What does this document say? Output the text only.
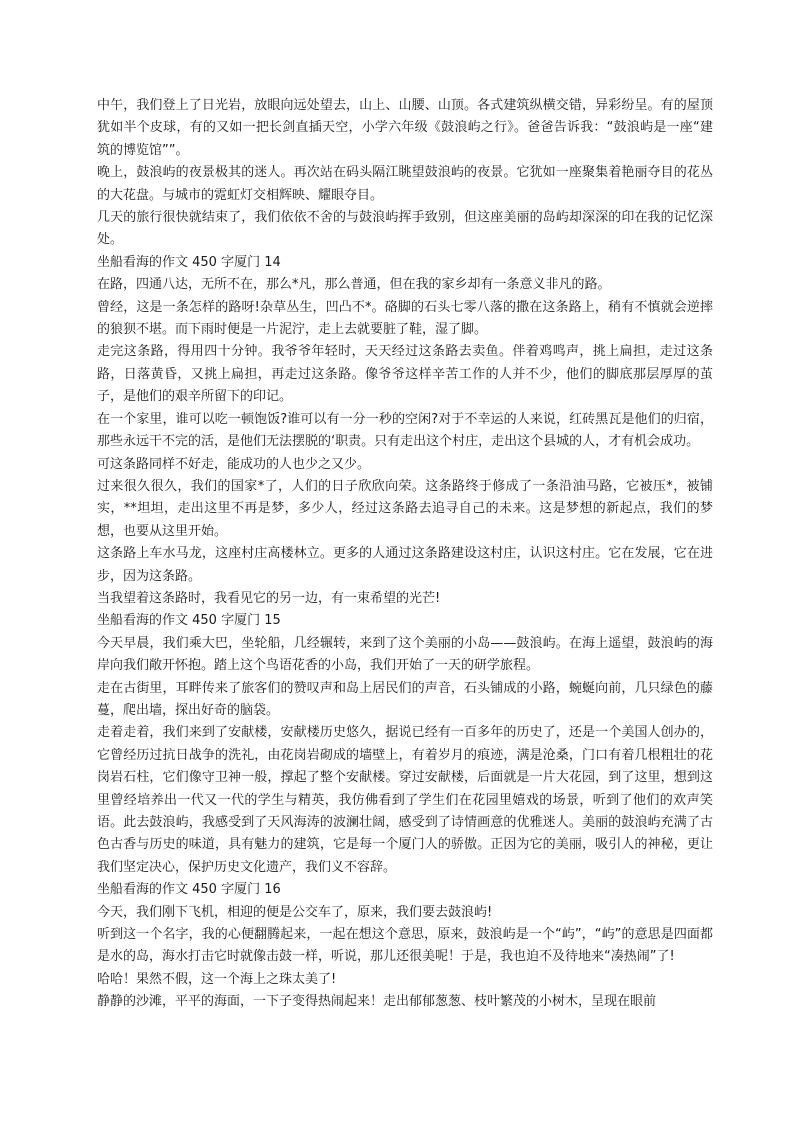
中午，我们登上了日光岩，放眼向远处望去，山上、山腰、山顶。各式建筑纵横交错，异彩纷呈。有的屋顶犹如半个皮球，有的又如一把长剑直插天空，小学六年级《鼓浪屿之行》。爸爸告诉我：“鼓浪屿是一座“建筑的博览馆””。

晚上，鼓浪屿的夜景极其的迷人。再次站在码头隔江眺望鼓浪屿的夜景。它犹如一座聚集着艳丽夺目的花丛的大花盘。与城市的霓虹灯交相辉映、耀眼夺目。

几天的旅行很快就结束了，我们依依不舍的与鼓浪屿挥手致别，但这座美丽的岛屿却深深的印在我的记忆深处。

坐船看海的作文 450 字厦门 14

在路，四通八达，无所不在，那么*凡，那么普通，但在我的家乡却有一条意义非凡的路。

曾经，这是一条怎样的路呀!杂草丛生，凹凸不*。硌脚的石头七零八落的撒在这条路上，稍有不慎就会逆摔的狼狈不堪。而下雨时便是一片泥泞，走上去就要脏了鞋，湿了脚。

走完这条路，得用四十分钟。我爷爷年轻时，天天经过这条路去卖鱼。伴着鸡鸣声，挑上扁担，走过这条路，日落黄昏，又挑上扁担，再走过这条路。像爷爷这样辛苦工作的人并不少，他们的脚底那层厚厚的茧子，是他们的艰辛所留下的印记。

在一个家里，谁可以吃一顿饱饭?谁可以有一分一秒的空闲?对于不幸运的人来说，红砖黑瓦是他们的归宿，那些永远干不完的活，是他们无法摆脱的‘职责。只有走出这个村庄，走出这个县城的人，才有机会成功。

可这条路同样不好走，能成功的人也少之又少。

过来很久很久，我们的国家*了，人们的日子欣欣向荣。这条路终于修成了一条沿油马路，它被压*，被铺实，**坦坦，走出这里不再是梦，多少人，经过这条路去追寻自己的未来。这是梦想的新起点，我们的梦想，也要从这里开始。

这条路上车水马龙，这座村庄高楼林立。更多的人通过这条路建设这村庄，认识这村庄。它在发展，它在进步，因为这条路。

当我望着这条路时，我看见它的另一边，有一束希望的光芒!

坐船看海的作文 450 字厦门 15

今天早晨，我们乘大巴，坐轮船，几经辗转，来到了这个美丽的小岛——鼓浪屿。在海上遥望，鼓浪屿的海岸向我们敞开怀抱。踏上这个鸟语花香的小岛，我们开始了一天的研学旅程。

走在古街里，耳畔传来了旅客们的赞叹声和岛上居民们的声音，石头铺成的小路，蜿蜒向前，几只绿色的藤蔓，爬出墙，探出好奇的脑袋。

走着走着，我们来到了安献楼，安献楼历史悠久，据说已经有一百多年的历史了，还是一个美国人创办的，它曾经历过抗日战争的洗礼，由花岗岩砌成的墙壁上，有着岁月的痕迹，满是沧桑，门口有着几根粗壮的花岗岩石柱，它们像守卫神一般，撑起了整个安献楼。穿过安献楼，后面就是一片大花园，到了这里，想到这里曾经培养出一代又一代的学生与精英，我仿佛看到了学生们在花园里嬉戏的场景，听到了他们的欢声笑语。此去鼓浪屿，我感受到了天风海涛的波澜壮阔，感受到了诗情画意的优雅迷人。美丽的鼓浪屿充满了古色古香与历史的味道，具有魅力的建筑，它是每一个厦门人的骄傲。正因为它的美丽，吸引人的神秘，更让我们坚定决心，保护历史文化遗产，我们义不容辞。

坐船看海的作文 450 字厦门 16

今天，我们刚下飞机，相迎的便是公交车了，原来，我们要去鼓浪屿!

听到这一个名字，我的心便翻腾起来，一起在想这个意思，原来，鼓浪屿是一个“屿”，“屿”的意思是四面都是水的岛，海水打击它时就像击鼓一样，听说，那儿还很美呢！于是，我也迫不及待地来“凑热闹”了!

哈哈！果然不假，这一个海上之珠太美了!

静静的沙滩，平平的海面，一下子变得热闹起来！走出郁郁葱葱、枝叶繁茂的小树木，呈现在眼前
